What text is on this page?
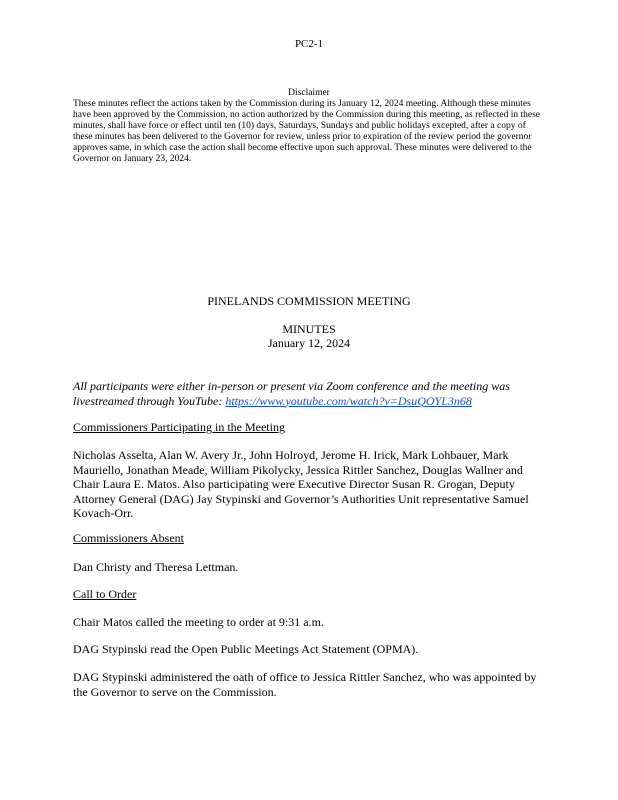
PC2-1
Disclaimer
These minutes reflect the actions taken by the Commission during its January 12, 2024 meeting. Although these minutes have been approved by the Commission, no action authorized by the Commission during this meeting, as reflected in these minutes, shall have force or effect until ten (10) days, Saturdays, Sundays and public holidays excepted, after a copy of these minutes has been delivered to the Governor for review, unless prior to expiration of the review period the governor approves same, in which case the action shall become effective upon such approval. These minutes were delivered to the Governor on January 23, 2024.
PINELANDS COMMISSION MEETING
MINUTES
January 12, 2024
All participants were either in-person or present via Zoom conference and the meeting was livestreamed through YouTube: https://www.youtube.com/watch?v=DsuQOYL3n68
Commissioners Participating in the Meeting
Nicholas Asselta, Alan W. Avery Jr., John Holroyd, Jerome H. Irick, Mark Lohbauer, Mark Mauriello, Jonathan Meade, William Pikolycky, Jessica Rittler Sanchez, Douglas Wallner and Chair Laura E. Matos. Also participating were Executive Director Susan R. Grogan, Deputy Attorney General (DAG) Jay Stypinski and Governor’s Authorities Unit representative Samuel Kovach-Orr.
Commissioners Absent
Dan Christy and Theresa Lettman.
Call to Order
Chair Matos called the meeting to order at 9:31 a.m.
DAG Stypinski read the Open Public Meetings Act Statement (OPMA).
DAG Stypinski administered the oath of office to Jessica Rittler Sanchez, who was appointed by the Governor to serve on the Commission.
